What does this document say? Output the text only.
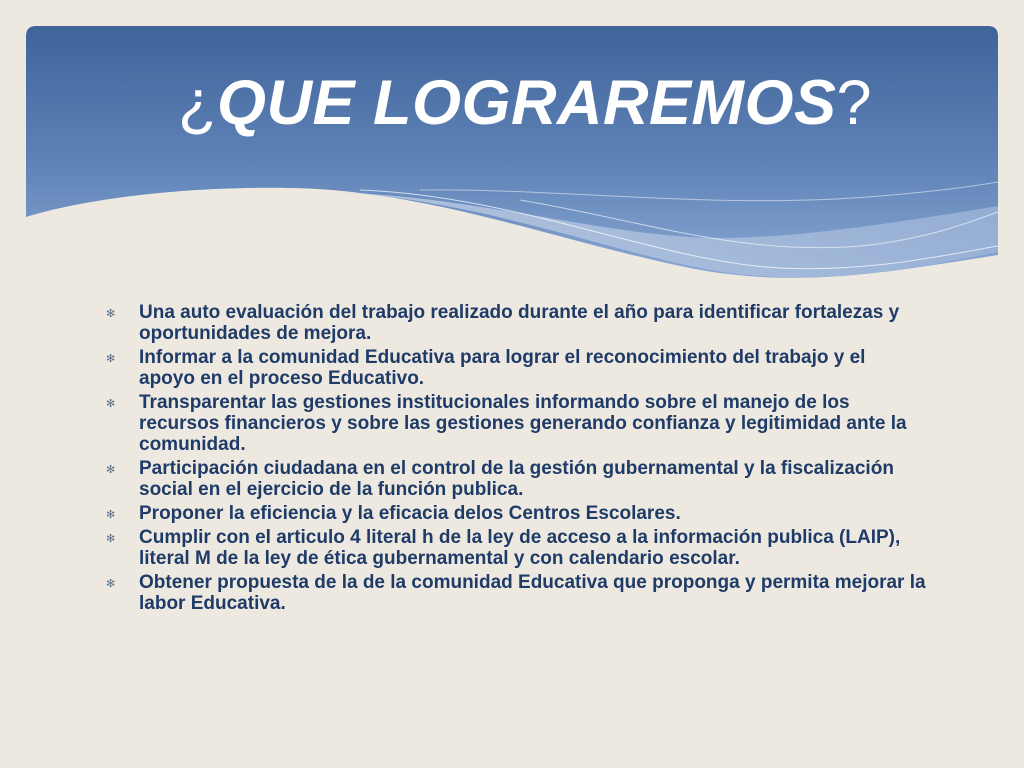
¿QUE LOGRAREMOS?
✻ Una auto evaluación del trabajo realizado durante el año para identificar fortalezas y oportunidades de mejora.
✻ Informar a la comunidad Educativa para lograr el reconocimiento del trabajo y el apoyo en el proceso Educativo.
✻ Transparentar las gestiones institucionales informando sobre el manejo de los recursos financieros y sobre las gestiones generando confianza y legitimidad ante la comunidad.
✻ Participación ciudadana en el control de la gestión gubernamental y la fiscalización social en el ejercicio de la función publica.
✻ Proponer la eficiencia y la eficacia delos Centros Escolares.
✻ Cumplir con el articulo 4 literal h de la ley de acceso a la información publica (LAIP), literal M de la ley de ética gubernamental y con calendario escolar.
✻ Obtener propuesta de la de la comunidad Educativa que proponga y permita mejorar la labor Educativa.
